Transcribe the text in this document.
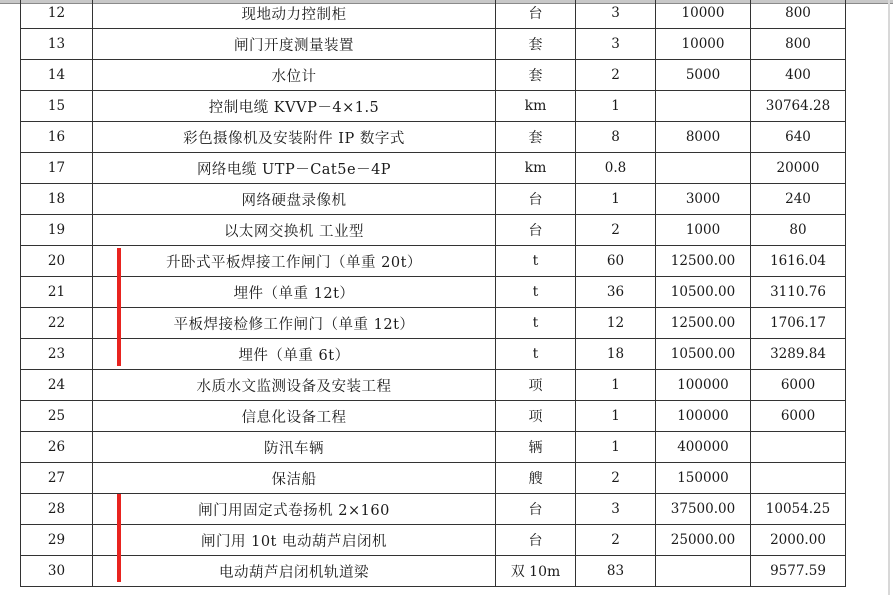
12	现地动力控制柜	台	3	10000	800
13	闸门开度测量装置	套	3	10000	800
14	水位计	套	2	5000	400
15	控制电缆 KVVP－4×1.5	km	1		30764.28
16	彩色摄像机及安装附件 IP 数字式	套	8	8000	640
17	网络电缆 UTP－Cat5e－4P	km	0.8		20000
18	网络硬盘录像机	台	1	3000	240
19	以太网交换机 工业型	台	2	1000	80
20	升卧式平板焊接工作闸门（单重 20t）	t	60	12500.00	1616.04
21	埋件（单重 12t）	t	36	10500.00	3110.76
22	平板焊接检修工作闸门（单重 12t）	t	12	12500.00	1706.17
23	埋件（单重 6t）	t	18	10500.00	3289.84
24	水质水文监测设备及安装工程	项	1	100000	6000
25	信息化设备工程	项	1	100000	6000
26	防汛车辆	辆	1	400000	
27	保洁船	艘	2	150000	
28	闸门用固定式卷扬机 2×160	台	3	37500.00	10054.25
29	闸门用 10t 电动葫芦启闭机	台	2	25000.00	2000.00
30	电动葫芦启闭机轨道梁	双 10m	83		9577.59
